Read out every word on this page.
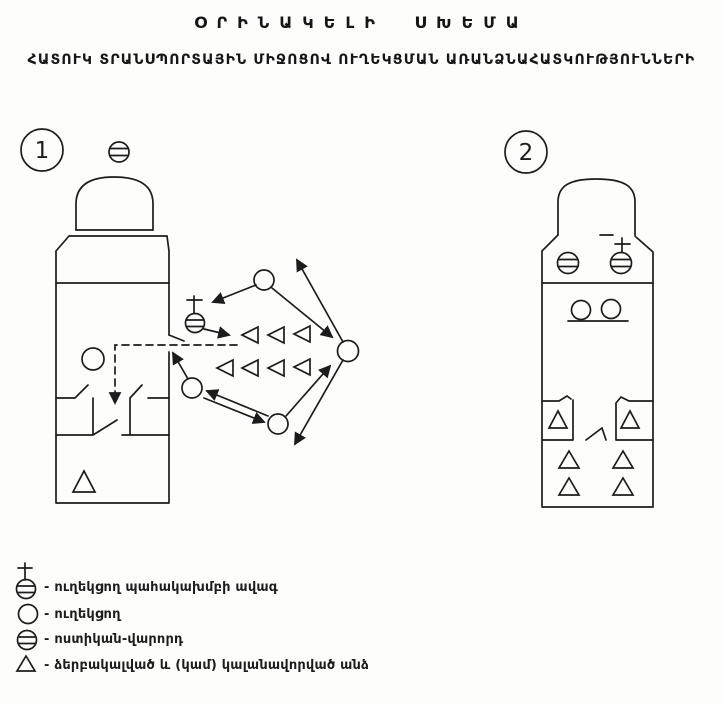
ՕՐԻՆԱԿԵԼԻ ՍԽԵՄԱ
ՀԱՏՈՒԿ ՏՐԱՆՍՊՈՐՏԱՅԻՆ ՄԻՋՈՑՈՎ ՈՒՂԵԿՑՄԱՆ ԱՌԱՆՁՆԱՀԱՏԿՈՒԹՅՈՒՆՆԵՐԻ
1	2
- ուղեկցող պահակախմբի ավագ
- ուղեկցող
- ոստիկան-վարորդ
- ձերբակալված և (կամ) կալանավորված անձ
